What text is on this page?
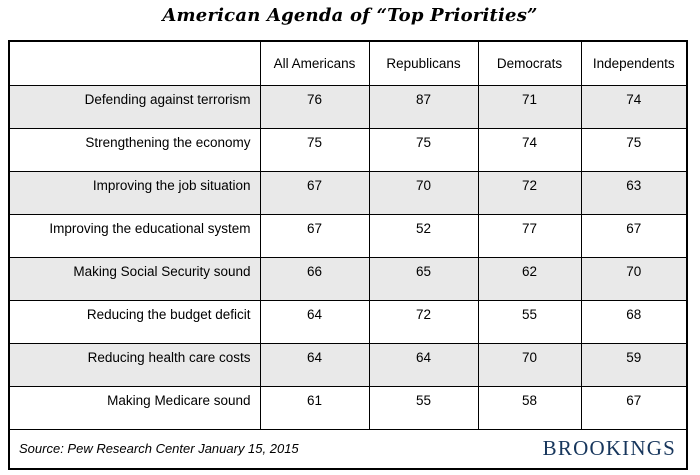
American Agenda of “Top Priorities”
	All Americans	Republicans	Democrats	Independents
Defending against terrorism	76	87	71	74
Strengthening the economy	75	75	74	75
Improving the job situation	67	70	72	63
Improving the educational system	67	52	77	67
Making Social Security sound	66	65	62	70
Reducing the budget deficit	64	72	55	68
Reducing health care costs	64	64	70	59
Making Medicare sound	61	55	58	67

Source: Pew Research Center January 15, 2015 BROOKINGS				
